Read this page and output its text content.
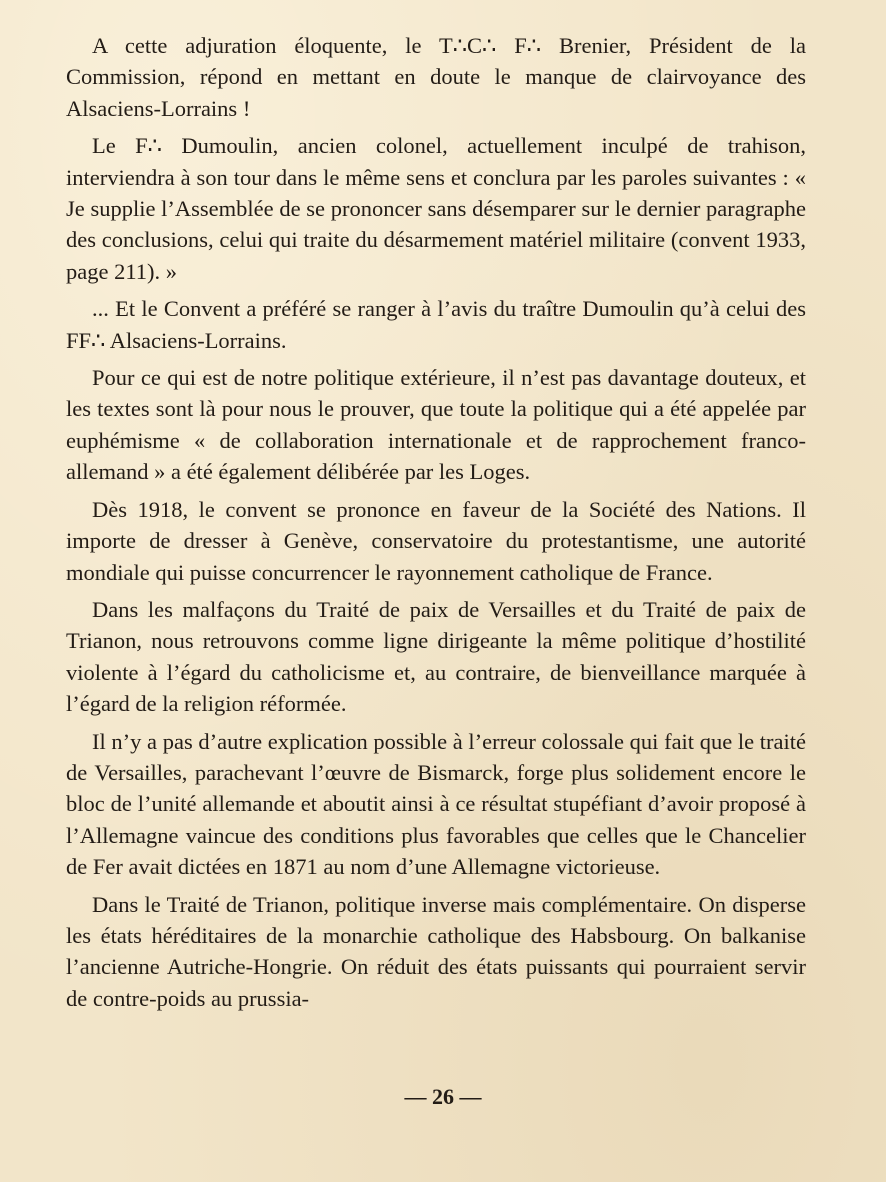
A cette adjuration éloquente, le T∴C∴ F∴ Brenier, Président de la Commission, répond en mettant en doute le manque de clairvoyance des Alsaciens-Lorrains !

Le F∴ Dumoulin, ancien colonel, actuellement inculpé de trahison, interviendra à son tour dans le même sens et conclura par les paroles suivantes : « Je supplie l’Assemblée de se prononcer sans désemparer sur le dernier paragraphe des conclusions, celui qui traite du désarmement matériel militaire (convent 1933, page 211). »

... Et le Convent a préféré se ranger à l’avis du traître Dumoulin qu’à celui des FF∴ Alsaciens-Lorrains.

Pour ce qui est de notre politique extérieure, il n’est pas davantage douteux, et les textes sont là pour nous le prouver, que toute la politique qui a été appelée par euphémisme « de collaboration internationale et de rapprochement franco-allemand » a été également délibérée par les Loges.

Dès 1918, le convent se prononce en faveur de la Société des Nations. Il importe de dresser à Genève, conservatoire du protestantisme, une autorité mondiale qui puisse concurrencer le rayonnement catholique de France.

Dans les malfaçons du Traité de paix de Versailles et du Traité de paix de Trianon, nous retrouvons comme ligne dirigeante la même politique d’hostilité violente à l’égard du catholicisme et, au contraire, de bienveillance marquée à l’égard de la religion réformée.

Il n’y a pas d’autre explication possible à l’erreur colossale qui fait que le traité de Versailles, parachevant l’œuvre de Bismarck, forge plus solidement encore le bloc de l’unité allemande et aboutit ainsi à ce résultat stupéfiant d’avoir proposé à l’Allemagne vaincue des conditions plus favorables que celles que le Chancelier de Fer avait dictées en 1871 au nom d’une Allemagne victorieuse.

Dans le Traité de Trianon, politique inverse mais complémentaire. On disperse les états héréditaires de la monarchie catholique des Habsbourg. On balkanise l’ancienne Autriche-Hongrie. On réduit des états puissants qui pourraient servir de contre-poids au prussia-

— 26 —
